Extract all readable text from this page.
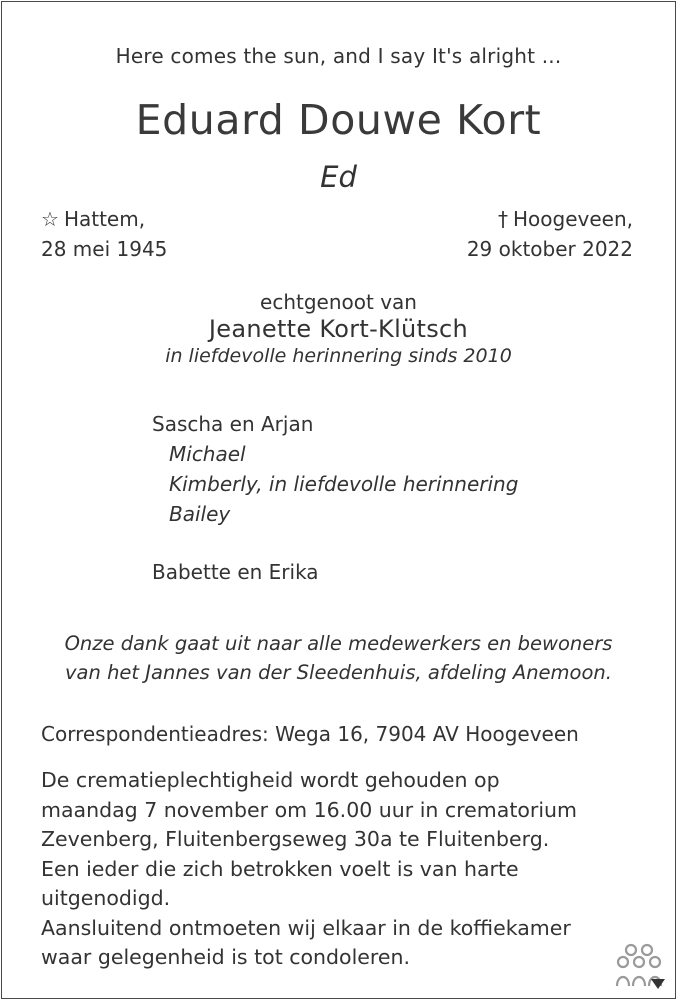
Here comes the sun, and I say It's alright ...

Eduard Douwe Kort

Ed

☆ Hattem,
28 mei 1945
† Hoogeveen,
29 oktober 2022

echtgenoot van

Jeanette Kort-Klütsch

in liefdevolle herinnering sinds 2010

Sascha en Arjan
Michael
Kimberly, in liefdevolle herinnering
Bailey
Babette en Erika

Onze dank gaat uit naar alle medewerkers en bewoners

van het Jannes van der Sleedenhuis, afdeling Anemoon.

Correspondentieadres: Wega 16, 7904 AV Hoogeveen
De crematieplechtigheid wordt gehouden op
maandag 7 november om 16.00 uur in crematorium
Zevenberg, Fluitenbergseweg 30a te Fluitenberg.
Een ieder die zich betrokken voelt is van harte
uitgenodigd.
Aansluitend ontmoeten wij elkaar in de koffiekamer
waar gelegenheid is tot condoleren.
